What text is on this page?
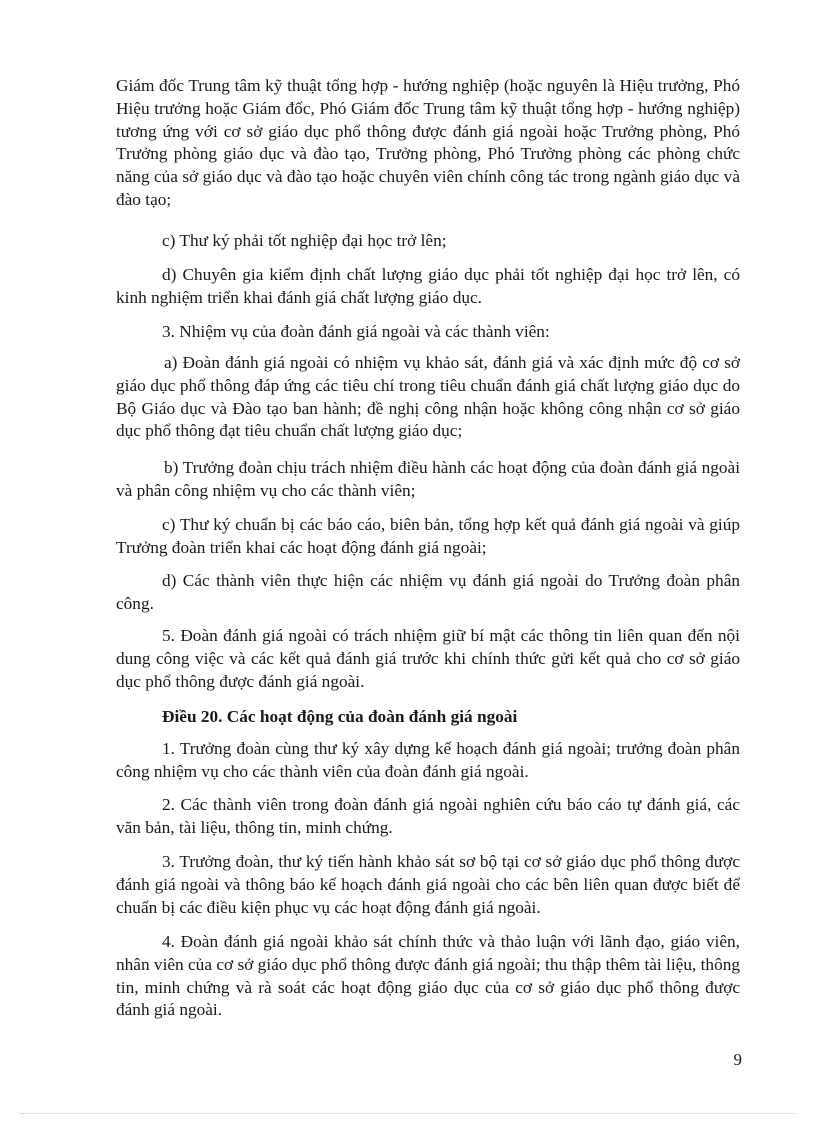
Giám đốc Trung tâm kỹ thuật tổng hợp - hướng nghiệp (hoặc nguyên là Hiệu trưởng, Phó Hiệu trưởng hoặc Giám đốc, Phó Giám đốc Trung tâm kỹ thuật tổng hợp - hướng nghiệp) tương ứng với cơ sở giáo dục phổ thông được đánh giá ngoài hoặc Trưởng phòng, Phó Trưởng phòng giáo dục và đào tạo, Trưởng phòng, Phó Trưởng phòng các phòng chức năng của sở giáo dục và đào tạo hoặc chuyên viên chính công tác trong ngành giáo dục và đào tạo;

c) Thư ký phải tốt nghiệp đại học trở lên;

d) Chuyên gia kiểm định chất lượng giáo dục phải tốt nghiệp đại học trở lên, có kinh nghiệm triển khai đánh giá chất lượng giáo dục.

3. Nhiệm vụ của đoàn đánh giá ngoài và các thành viên:

a) Đoàn đánh giá ngoài có nhiệm vụ khảo sát, đánh giá và xác định mức độ cơ sở giáo dục phổ thông đáp ứng các tiêu chí trong tiêu chuẩn đánh giá chất lượng giáo dục do Bộ Giáo dục và Đào tạo ban hành; đề nghị công nhận hoặc không công nhận cơ sở giáo dục phổ thông đạt tiêu chuẩn chất lượng giáo dục;

b) Trưởng đoàn chịu trách nhiệm điều hành các hoạt động của đoàn đánh giá ngoài và phân công nhiệm vụ cho các thành viên;

c) Thư ký chuẩn bị các báo cáo, biên bản, tổng hợp kết quả đánh giá ngoài và giúp Trưởng đoàn triển khai các hoạt động đánh giá ngoài;

d) Các thành viên thực hiện các nhiệm vụ đánh giá ngoài do Trưởng đoàn phân công.

5. Đoàn đánh giá ngoài có trách nhiệm giữ bí mật các thông tin liên quan đến nội dung công việc và các kết quả đánh giá trước khi chính thức gửi kết quả cho cơ sở giáo dục phổ thông được đánh giá ngoài.

Điều 20. Các hoạt động của đoàn đánh giá ngoài

1. Trưởng đoàn cùng thư ký xây dựng kế hoạch đánh giá ngoài; trưởng đoàn phân công nhiệm vụ cho các thành viên của đoàn đánh giá ngoài.

2. Các thành viên trong đoàn đánh giá ngoài nghiên cứu báo cáo tự đánh giá, các văn bản, tài liệu, thông tin, minh chứng.

3. Trưởng đoàn, thư ký tiến hành khảo sát sơ bộ tại cơ sở giáo dục phổ thông được đánh giá ngoài và thông báo kế hoạch đánh giá ngoài cho các bên liên quan được biết để chuẩn bị các điều kiện phục vụ các hoạt động đánh giá ngoài.

4. Đoàn đánh giá ngoài khảo sát chính thức và thảo luận với lãnh đạo, giáo viên, nhân viên của cơ sở giáo dục phổ thông được đánh giá ngoài; thu thập thêm tài liệu, thông tin, minh chứng và rà soát các hoạt động giáo dục của cơ sở giáo dục phổ thông được đánh giá ngoài.

9
